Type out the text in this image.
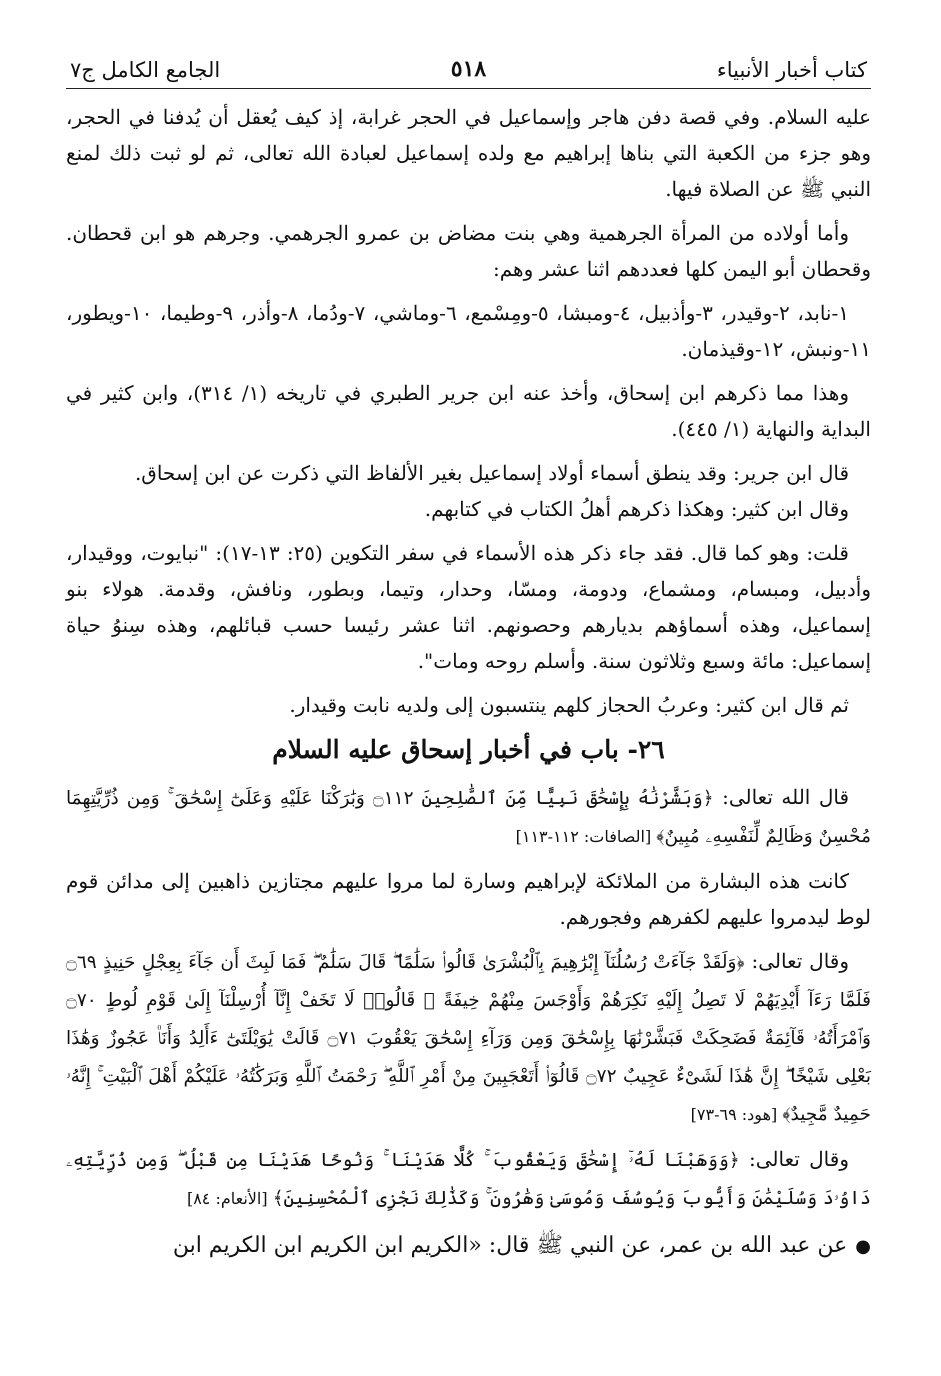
كتاب أخبار الأنبياء
٥١٨
الجامع الكامل ج٧

عليه السلام. وفي قصة دفن هاجر وإسماعيل في الحجر غرابة، إذ كيف يُعقل أن يُدفنا في الحجر، وهو جزء من الكعبة التي بناها إبراهيم مع ولده إسماعيل لعبادة الله تعالى، ثم لو ثبت ذلك لمنع النبي ﷺ عن الصلاة فيها.

وأما أولاده من المرأة الجرهمية وهي بنت مضاض بن عمرو الجرهمي. وجرهم هو ابن قحطان. وقحطان أبو اليمن كلها فعددهم اثنا عشر وهم:

١-نابد، ٢-وقيدر، ٣-وأذبيل، ٤-ومبشا، ٥-ومِسْمع، ٦-وماشي، ٧-ودُما، ٨-وأذر، ٩-وطيما، ١٠-ويطور، ١١-ونبش، ١٢-وقيذمان.

وهذا مما ذكرهم ابن إسحاق، وأخذ عنه ابن جرير الطبري في تاريخه (١/ ٣١٤)، وابن كثير في البداية والنهاية (١/ ٤٤٥).

قال ابن جرير: وقد ينطق أسماء أولاد إسماعيل بغير الألفاظ التي ذكرت عن ابن إسحاق.

وقال ابن كثير: وهكذا ذكرهم أهلُ الكتاب في كتابهم.

قلت: وهو كما قال. فقد جاء ذكر هذه الأسماء في سفر التكوين (٢٥: ١٣-١٧): "نبايوت، ووقيدار، وأدبيل، ومبسام، ومشماع، ودومة، ومسّا، وحدار، وتيما، وبطور، ونافش، وقدمة. هولاء بنو إسماعيل، وهذه أسماؤهم بديارهم وحصونهم. اثنا عشر رئيسا حسب قبائلهم، وهذه سِنوُ حياة إسماعيل: مائة وسبع وثلاثون سنة. وأسلم روحه ومات".

ثم قال ابن كثير: وعربُ الحجاز كلهم ينتسبون إلى ولديه نابت وقيدار.

٢٦- باب في أخبار إسحاق عليه السلام

قال الله تعالى: ﴿وَبَشَّرْنَٰهُ بِإِسْحَٰقَ نَبِيًّا مِّنَ ٱلصَّٰلِحِينَ ۝١١٢ وَبَٰرَكْنَا عَلَيْهِ وَعَلَىٰٓ إِسْحَٰقَ ۚ وَمِن ذُرِّيَّتِهِمَا مُحْسِنٌ وَظَالِمٌ لِّنَفْسِهِۦ مُبِينٌ﴾ [الصافات: ١١٢-١١٣]

كانت هذه البشارة من الملائكة لإبراهيم وسارة لما مروا عليهم مجتازين ذاهبين إلى مدائن قوم لوط ليدمروا عليهم لكفرهم وفجورهم.

وقال تعالى: ﴿وَلَقَدْ جَآءَتْ رُسُلُنَآ إِبْرَٰهِيمَ بِٱلْبُشْرَىٰ قَالُوا۟ سَلَٰمًا ۖ قَالَ سَلَٰمٌ ۖ فَمَا لَبِثَ أَن جَآءَ بِعِجْلٍ حَنِيذٍ ۝٦٩ فَلَمَّا رَءَآ أَيْدِيَهُمْ لَا تَصِلُ إِلَيْهِ نَكِرَهُمْ وَأَوْجَسَ مِنْهُمْ خِيفَةً ۚ قَالُوا۟ لَا تَخَفْ إِنَّآ أُرْسِلْنَآ إِلَىٰ قَوْمِ لُوطٍ ۝٧٠ وَٱمْرَأَتُهُۥ قَآئِمَةٌ فَضَحِكَتْ فَبَشَّرْنَٰهَا بِإِسْحَٰقَ وَمِن وَرَآءِ إِسْحَٰقَ يَعْقُوبَ ۝٧١ قَالَتْ يَٰوَيْلَتَىٰٓ ءَأَلِدُ وَأَنَا۠ عَجُوزٌ وَهَٰذَا بَعْلِى شَيْخًا ۖ إِنَّ هَٰذَا لَشَىْءٌ عَجِيبٌ ۝٧٢ قَالُوٓا۟ أَتَعْجَبِينَ مِنْ أَمْرِ ٱللَّهِ ۖ رَحْمَتُ ٱللَّهِ وَبَرَكَٰتُهُۥ عَلَيْكُمْ أَهْلَ ٱلْبَيْتِ ۚ إِنَّهُۥ حَمِيدٌ مَّجِيدٌ﴾ [هود: ٦٩-٧٣]

وقال تعالى: ﴿وَوَهَبْنَا لَهُۥٓ إِسْحَٰقَ وَيَعْقُوبَ ۚ كُلًّا هَدَيْنَا ۚ وَنُوحًا هَدَيْنَا مِن قَبْلُ ۖ وَمِن ذُرِّيَّتِهِۦ دَاوُۥدَ وَسُلَيْمَٰنَ وَأَيُّوبَ وَيُوسُفَ وَمُوسَىٰ وَهَٰرُونَ ۚ وَكَذَٰلِكَ نَجْزِى ٱلْمُحْسِنِينَ﴾ [الأنعام: ٨٤]

●عن عبد الله بن عمر، عن النبي ﷺ قال: «الكريم ابن الكريم ابن الكريم ابن
